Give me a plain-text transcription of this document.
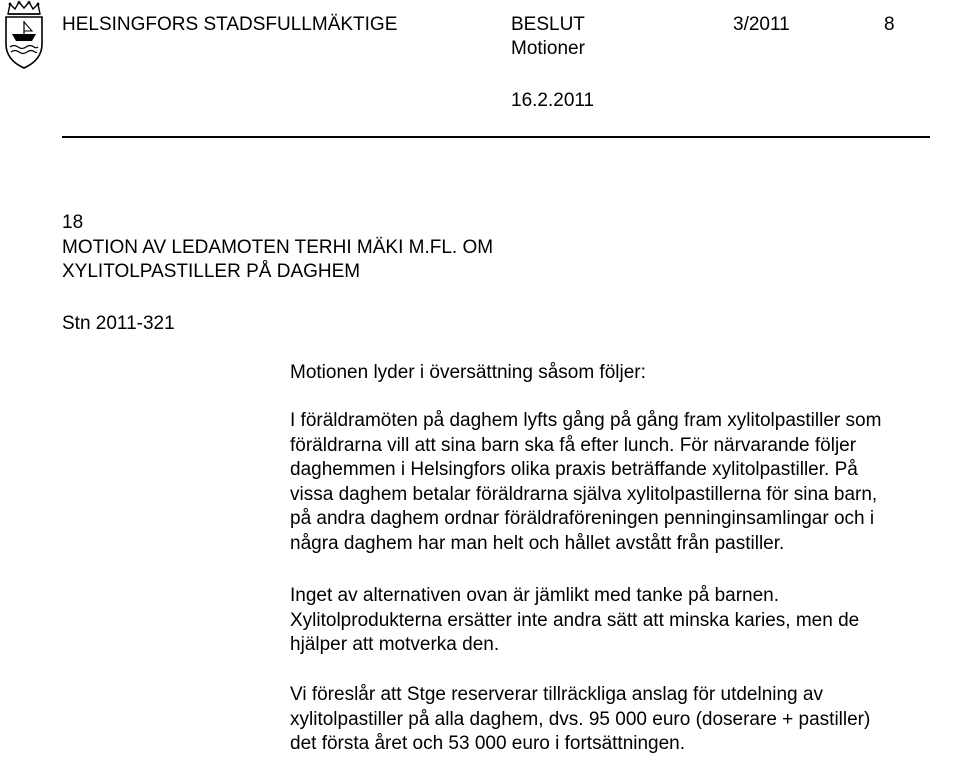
HELSINGFORS STADSFULLMÄKTIGE	BESLUT	3/2011	8
Motioner
16.2.2011
18
MOTION AV LEDAMOTEN TERHI MÄKI M.FL. OM
XYLITOLPASTILLER PÅ DAGHEM
Stn 2011-321
Motionen lyder i översättning såsom följer:
I föräldramöten på daghem lyfts gång på gång fram xylitolpastiller som
föräldrarna vill att sina barn ska få efter lunch. För närvarande följer
daghemmen i Helsingfors olika praxis beträffande xylitolpastiller. På
vissa daghem betalar föräldrarna själva xylitolpastillerna för sina barn,
på andra daghem ordnar föräldraföreningen penninginsamlingar och i
några daghem har man helt och hållet avstått från pastiller.
Inget av alternativen ovan är jämlikt med tanke på barnen.
Xylitolprodukterna ersätter inte andra sätt att minska karies, men de
hjälper att motverka den.
Vi föreslår att Stge reserverar tillräckliga anslag för utdelning av
xylitolpastiller på alla daghem, dvs. 95 000 euro (doserare + pastiller)
det första året och 53 000 euro i fortsättningen.
